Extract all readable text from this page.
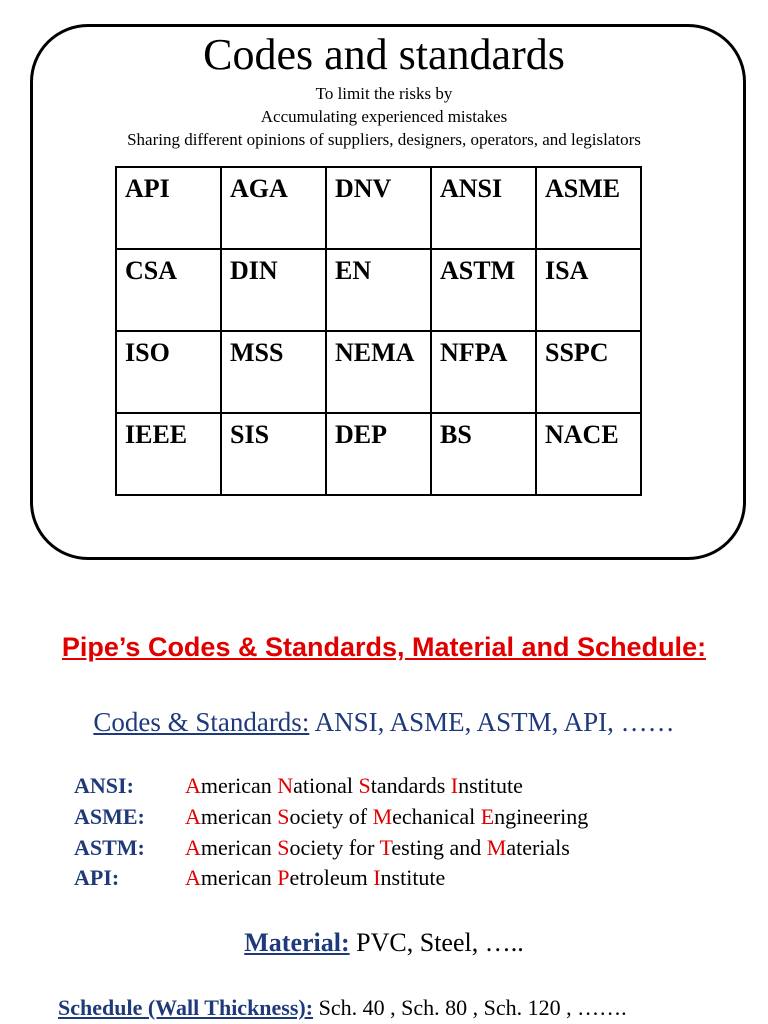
Codes and standards
To limit the risks by
Accumulating experienced mistakes
Sharing different opinions of suppliers, designers, operators, and legislators
API	AGA	DNV	ANSI	ASME
CSA	DIN	EN	ASTM	ISA
ISO	MSS	NEMA	NFPA	SSPC
IEEE	SIS	DEP	BS	NACE
Pipe’s Codes & Standards, Material and Schedule:
Codes & Standards: ANSI, ASME, ASTM, API, ……
ANSI: American National Standards Institute
ASME: American Society of Mechanical Engineering
ASTM: American Society for Testing and Materials
API:	American Petroleum Institute
Material: PVC, Steel, …..
Schedule (Wall Thickness): Sch. 40 , Sch. 80 , Sch. 120 , …….
